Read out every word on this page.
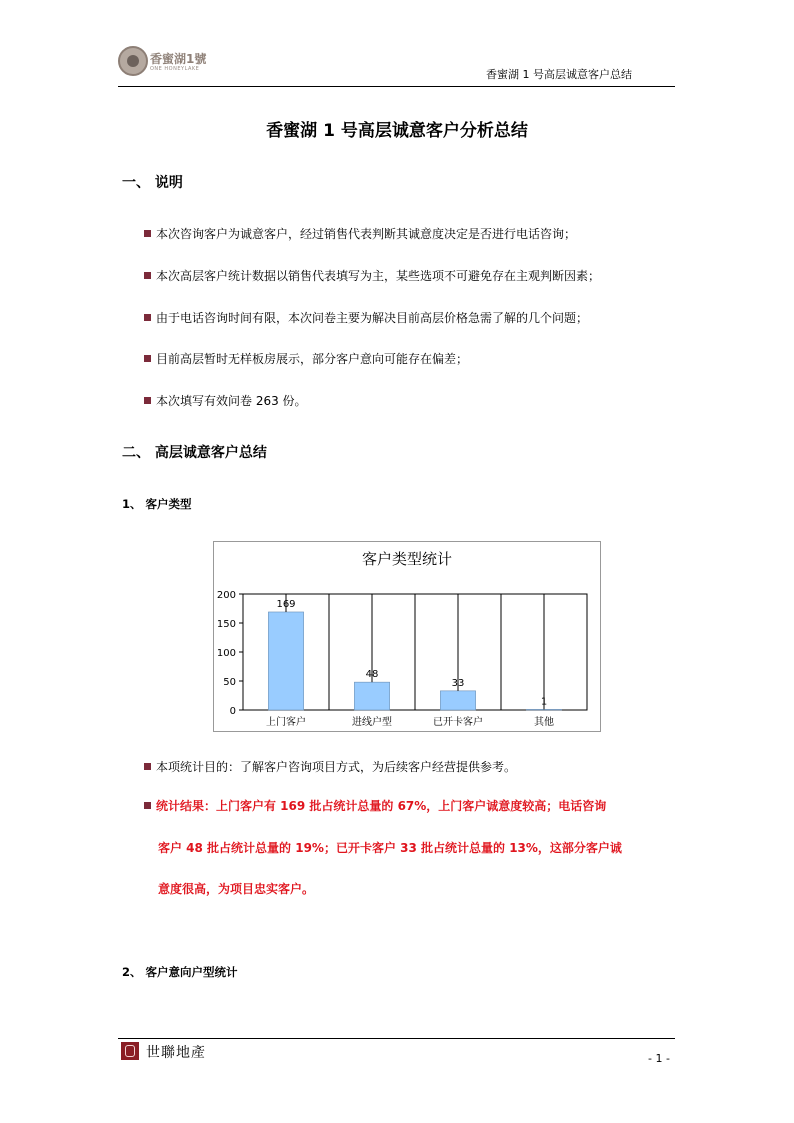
香蜜湖1號
ONE HONEYLAKE	香蜜湖 1 号高层诚意客户总结
香蜜湖 1 号高层诚意客户分析总结
一、 说明
本次咨询客户为诚意客户，经过销售代表判断其诚意度决定是否进行电话咨询；
本次高层客户统计数据以销售代表填写为主，某些选项不可避免存在主观判断因素；
由于电话咨询时间有限，本次问卷主要为解决目前高层价格急需了解的几个问题；
目前高层暂时无样板房展示，部分客户意向可能存在偏差；
本次填写有效问卷 263 份。
二、 高层诚意客户总结
1、 客户类型
客户类型统计
0
50
100
150
200
169
上门客户
48
进线户型
33
已开卡客户
1
其他
本项统计目的：了解客户咨询项目方式，为后续客户经营提供参考。
统计结果：上门客户有 169 批占统计总量的 67%，上门客户诚意度较高；电话咨询
客户 48 批占统计总量的 19%；已开卡客户 33 批占统计总量的 13%，这部分客户诚
意度很高，为项目忠实客户。
2、 客户意向户型统计
世聯地產	- 1 -
